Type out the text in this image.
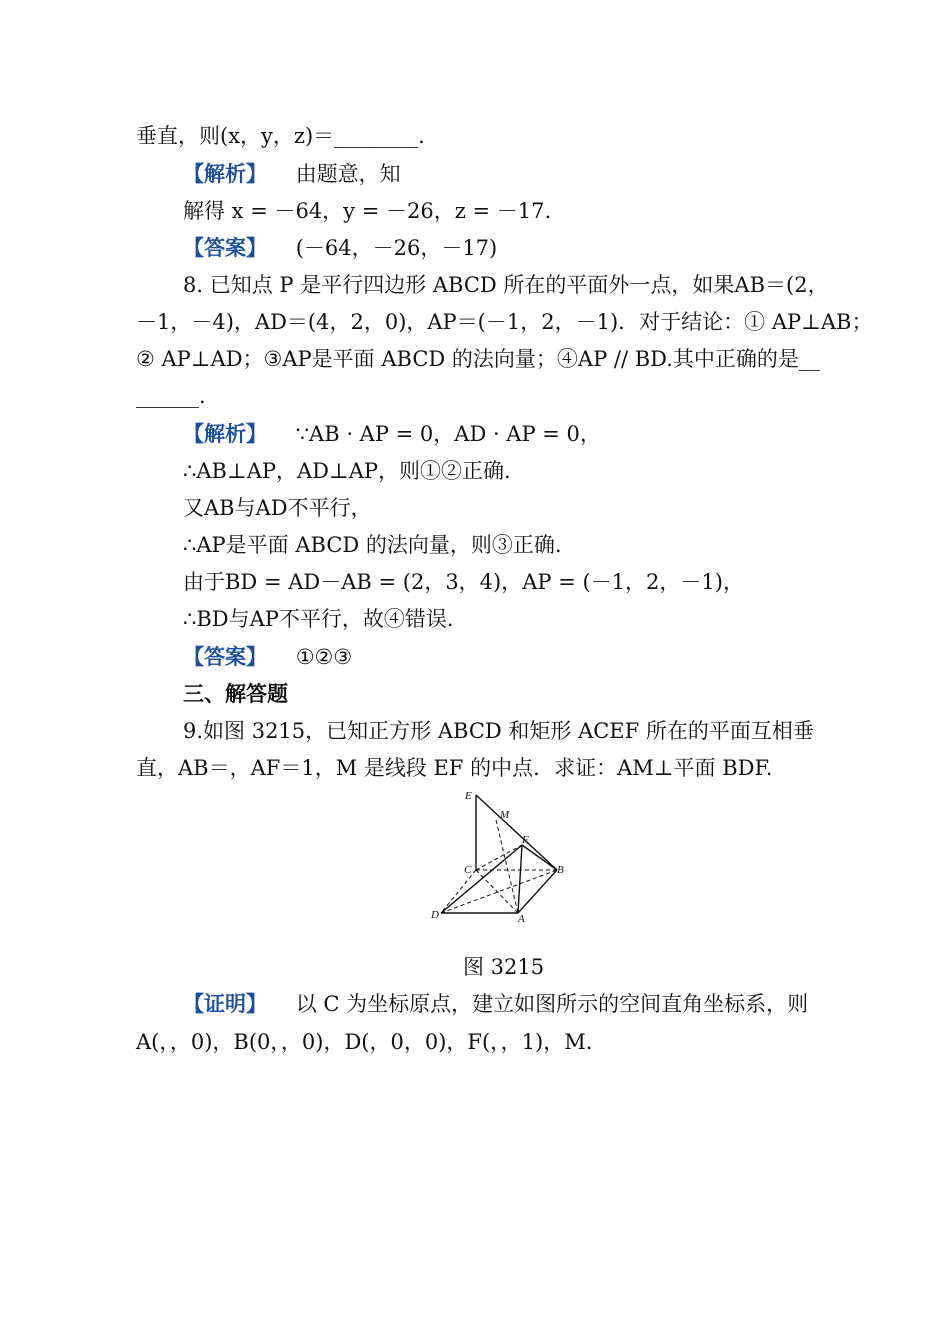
垂直，则(x，y，z)＝________.
【解析】 由题意，知
解得 x = －64，y = －26，z = －17.
【答案】 (－64，－26，－17)
8. 已知点 P 是平行四边形 ABCD 所在的平面外一点，如果AB＝(2，
－1，－4)，AD＝(4，2，0)，AP＝(－1，2，－1)．对于结论：① AP⊥AB；
② AP⊥AD；③AP是平面 ABCD 的法向量；④AP // BD.其中正确的是__
______.
【解析】 ∵AB · AP = 0，AD · AP = 0，
∴AB⊥AP，AD⊥AP，则①②正确.
又AB与AD不平行，
∴AP是平面 ABCD 的法向量，则③正确.
由于BD = AD－AB = (2，3，4)，AP = (－1，2，－1)，
∴BD与AP不平行，故④错误.
【答案】 ①②③
三、解答题
9.如图 3215，已知正方形 ABCD 和矩形 ACEF 所在的平面互相垂
直，AB＝，AF＝1，M 是线段 EF 的中点．求证：AM⊥平面 BDF.
E
M
F
C	B
D	A
图 3215
【证明】 以 C 为坐标原点，建立如图所示的空间直角坐标系，则
A(，，0)，B(0，，0)，D(，0，0)，F(，，1)，M.
